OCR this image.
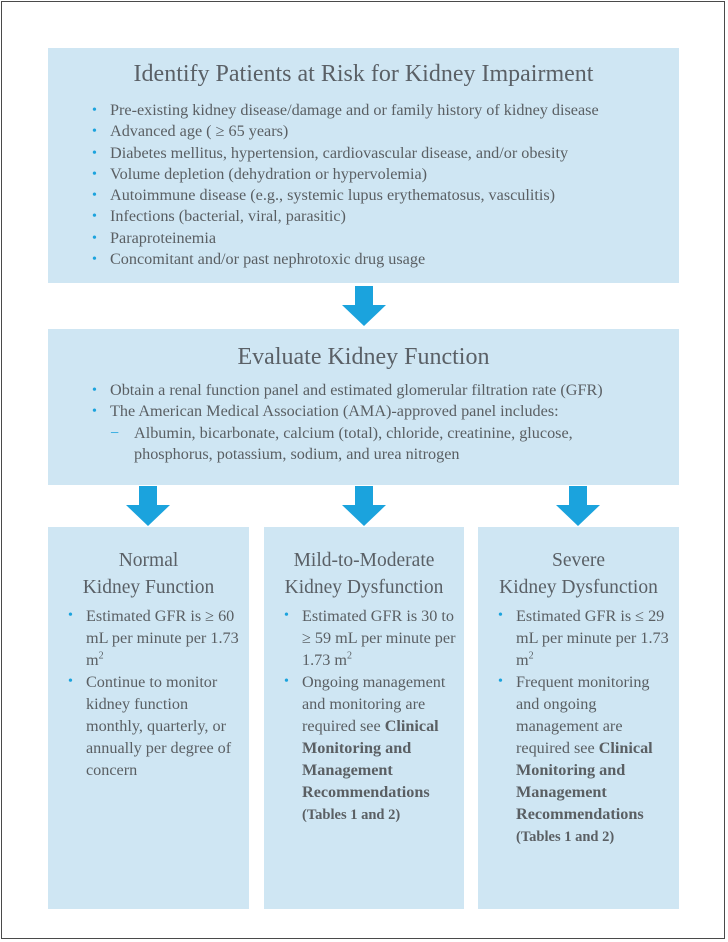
Identify Patients at Risk for Kidney Impairment
• Pre-existing kidney disease/damage and or family history of kidney disease
• Advanced age ( ≥ 65 years)
• Diabetes mellitus, hypertension, cardiovascular disease, and/or obesity
• Volume depletion (dehydration or hypervolemia)
• Autoimmune disease (e.g., systemic lupus erythematosus, vasculitis)
• Infections (bacterial, viral, parasitic)
• Paraproteinemia
• Concomitant and/or past nephrotoxic drug usage
Evaluate Kidney Function
• Obtain a renal function panel and estimated glomerular filtration rate (GFR)
• The American Medical Association (AMA)-approved panel includes:
− Albumin, bicarbonate, calcium (total), chloride, creatinine, glucose, phosphorus, potassium, sodium, and urea nitrogen
Normal
Kidney Function
• Estimated GFR is ≥ 60 mL per minute per 1.73 $m^2$
• Continue to monitor kidney function monthly, quarterly, or annually per degree of concern
Mild-to-Moderate
Kidney Dysfunction
• Estimated GFR is 30 to ≥ 59 mL per minute per 1.73 $m^2$
• Ongoing management and monitoring are required see Clinical Monitoring and Management Recommendations (Tables 1 and 2)
Severe
Kidney Dysfunction
• Estimated GFR is ≤ 29 mL per minute per 1.73 $m^2$
• Frequent monitoring and ongoing management are required see Clinical Monitoring and Management Recommendations (Tables 1 and 2)
